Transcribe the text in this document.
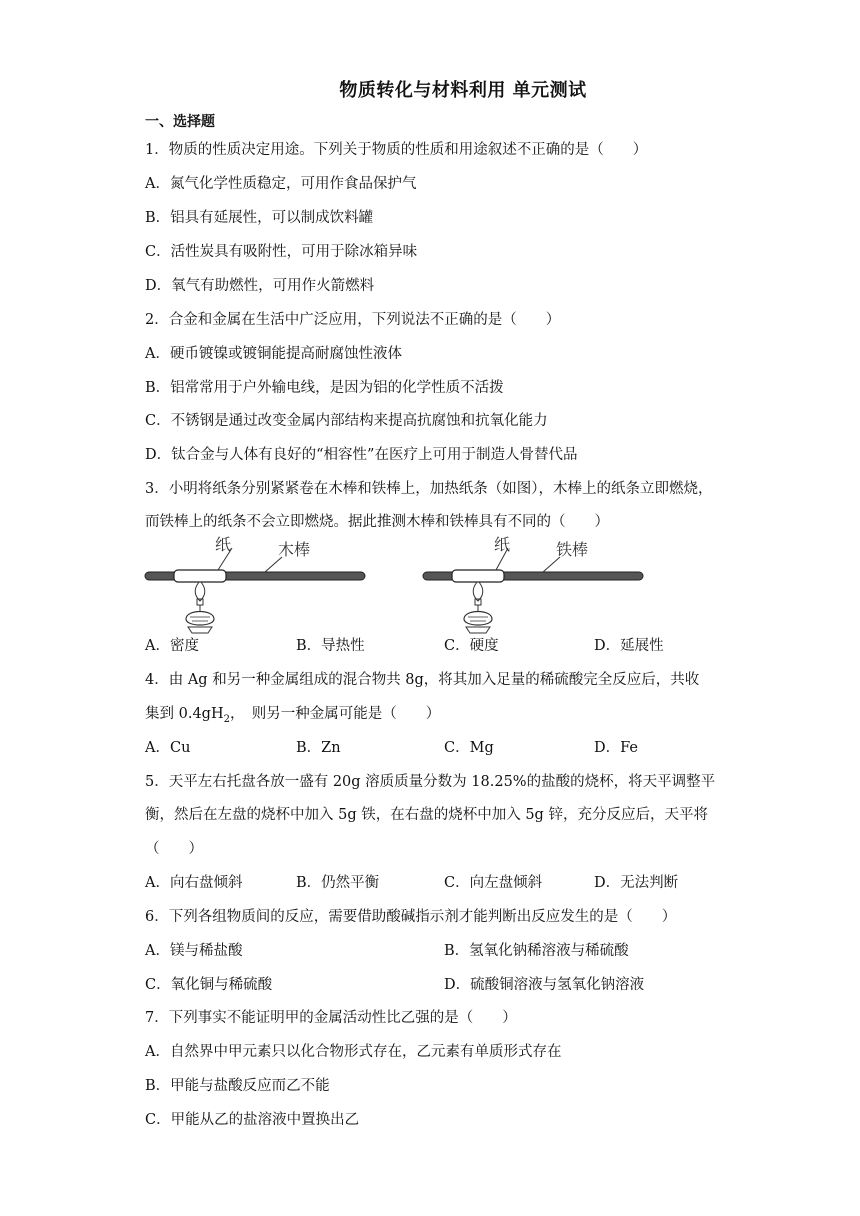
物质转化与材料利用 单元测试
一、选择题
1．物质的性质决定用途。下列关于物质的性质和用途叙述不正确的是（　　）
A．氮气化学性质稳定，可用作食品保护气
B．铝具有延展性，可以制成饮料罐
C．活性炭具有吸附性，可用于除冰箱异味
D．氧气有助燃性，可用作火箭燃料
2．合金和金属在生活中广泛应用，下列说法不正确的是（　　）
A．硬币镀镍或镀铜能提高耐腐蚀性液体
B．铝常常用于户外输电线，是因为铝的化学性质不活拨
C．不锈钢是通过改变金属内部结构来提高抗腐蚀和抗氧化能力
D．钛合金与人体有良好的“相容性”在医疗上可用于制造人骨替代品
3．小明将纸条分别紧紧卷在木棒和铁棒上，加热纸条（如图），木棒上的纸条立即燃烧，
而铁棒上的纸条不会立即燃烧。据此推测木棒和铁棒具有不同的（　　）
纸	木棒	纸	铁棒
A．密度	B．导热性	C．硬度	D．延展性
4．由 Ag 和另一种金属组成的混合物共 8g，将其加入足量的稀硫酸完全反应后，共收
集到 $0.4gH_2$，　则另一种金属可能是（　　）
A．Cu	B．Zn	C．Mg	D．Fe
5．天平左右托盘各放一盛有 20g 溶质质量分数为 18.25%的盐酸的烧杯，将天平调整平
衡，然后在左盘的烧杯中加入 5g 铁，在右盘的烧杯中加入 5g 锌，充分反应后，天平将
（　　）
A．向右盘倾斜	B．仍然平衡	C．向左盘倾斜	D．无法判断
6．下列各组物质间的反应，需要借助酸碱指示剂才能判断出反应发生的是（　　）
A．镁与稀盐酸	B．氢氧化钠稀溶液与稀硫酸
C．氧化铜与稀硫酸	D．硫酸铜溶液与氢氧化钠溶液
7．下列事实不能证明甲的金属活动性比乙强的是（　　）
A．自然界中甲元素只以化合物形式存在，乙元素有单质形式存在
B．甲能与盐酸反应而乙不能
C．甲能从乙的盐溶液中置换出乙
